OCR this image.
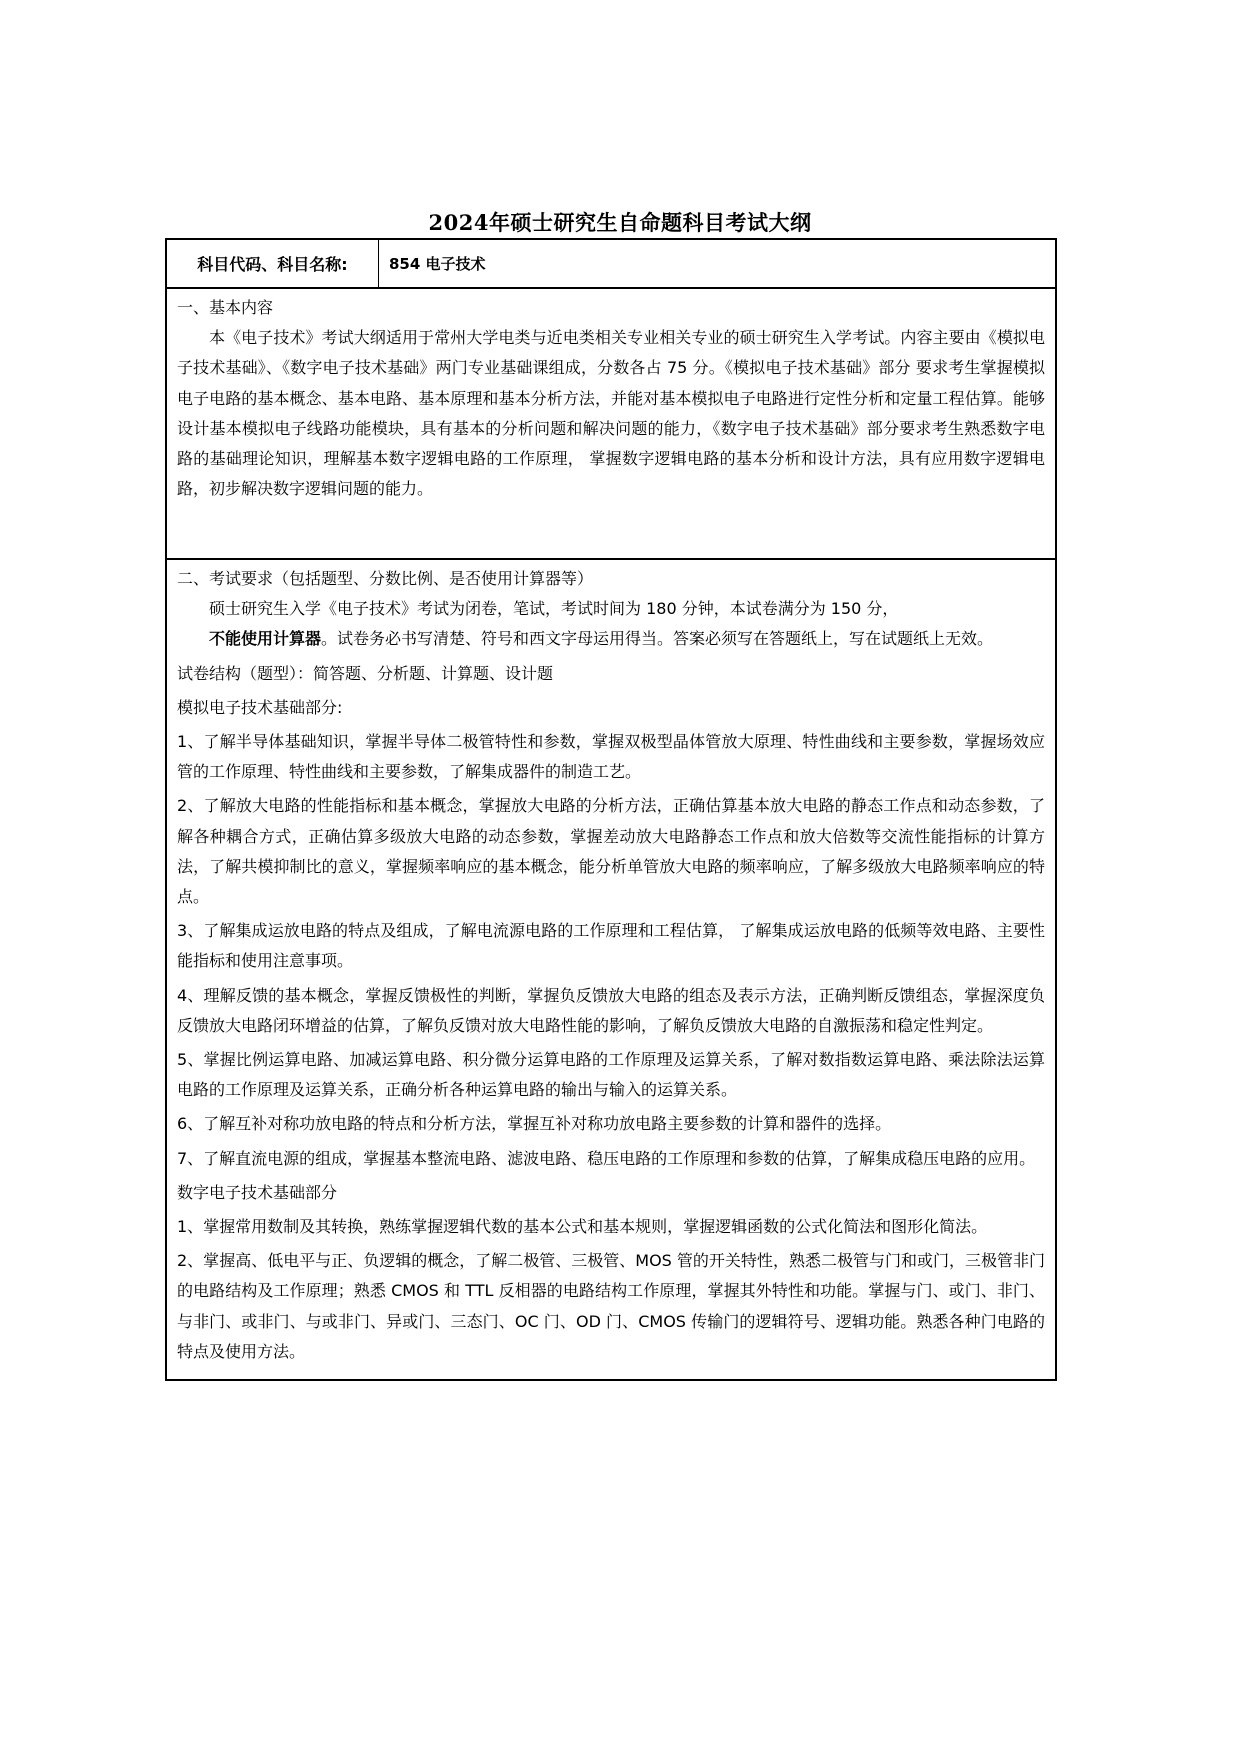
2024年硕士研究生自命题科目考试大纲
科目代码、科目名称:	854 电子技术
一、基本内容
本《电子技术》考试大纲适用于常州大学电类与近电类相关专业相关专业的硕士研究生入学考试。内容主要由《模拟电子技术基础》、《数字电子技术基础》两门专业基础课组成，分数各占 75 分。《模拟电子技术基础》部分 要求考生掌握模拟电子电路的基本概念、基本电路、基本原理和基本分析方法，并能对基本模拟电子电路进行定性分析和定量工程估算。能够设计基本模拟电子线路功能模块，具有基本的分析问题和解决问题的能力，《数字电子技术基础》部分要求考生熟悉数字电路的基础理论知识，理解基本数字逻辑电路的工作原理， 掌握数字逻辑电路的基本分析和设计方法，具有应用数字逻辑电路，初步解决数字逻辑问题的能力。
二、考试要求（包括题型、分数比例、是否使用计算器等）
硕士研究生入学《电子技术》考试为闭卷，笔试，考试时间为 180 分钟，本试卷满分为 150 分，
不能使用计算器。试卷务必书写清楚、符号和西文字母运用得当。答案必须写在答题纸上，写在试题纸上无效。
试卷结构（题型）：简答题、分析题、计算题、设计题
模拟电子技术基础部分:
1、了解半导体基础知识，掌握半导体二极管特性和参数，掌握双极型晶体管放大原理、特性曲线和主要参数，掌握场效应管的工作原理、特性曲线和主要参数，了解集成器件的制造工艺。
2、了解放大电路的性能指标和基本概念，掌握放大电路的分析方法，正确估算基本放大电路的静态工作点和动态参数，了解各种耦合方式，正确估算多级放大电路的动态参数，掌握差动放大电路静态工作点和放大倍数等交流性能指标的计算方法，了解共模抑制比的意义，掌握频率响应的基本概念，能分析单管放大电路的频率响应，了解多级放大电路频率响应的特点。
3、了解集成运放电路的特点及组成，了解电流源电路的工作原理和工程估算， 了解集成运放电路的低频等效电路、主要性能指标和使用注意事项。
4、理解反馈的基本概念，掌握反馈极性的判断，掌握负反馈放大电路的组态及表示方法，正确判断反馈组态，掌握深度负反馈放大电路闭环增益的估算，了解负反馈对放大电路性能的影响，了解负反馈放大电路的自激振荡和稳定性判定。
5、掌握比例运算电路、加减运算电路、积分微分运算电路的工作原理及运算关系，了解对数指数运算电路、乘法除法运算电路的工作原理及运算关系，正确分析各种运算电路的输出与输入的运算关系。
6、了解互补对称功放电路的特点和分析方法，掌握互补对称功放电路主要参数的计算和器件的选择。
7、了解直流电源的组成，掌握基本整流电路、滤波电路、稳压电路的工作原理和参数的估算，了解集成稳压电路的应用。
数字电子技术基础部分
1、掌握常用数制及其转换，熟练掌握逻辑代数的基本公式和基本规则，掌握逻辑函数的公式化简法和图形化简法。
2、掌握高、低电平与正、负逻辑的概念，了解二极管、三极管、MOS 管的开关特性，熟悉二极管与门和或门，三极管非门的电路结构及工作原理；熟悉 CMOS 和 TTL 反相器的电路结构工作原理，掌握其外特性和功能。掌握与门、或门、非门、与非门、或非门、与或非门、异或门、三态门、OC 门、OD 门、CMOS 传输门的逻辑符号、逻辑功能。熟悉各种门电路的特点及使用方法。
